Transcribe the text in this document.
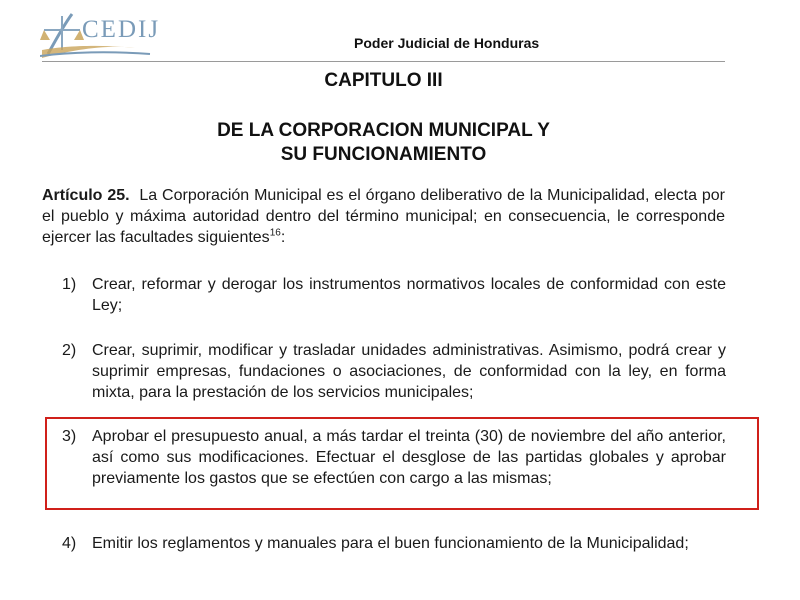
CEDIJ	Poder Judicial de Honduras
CAPITULO III
DE LA CORPORACION MUNICIPAL Y
SU FUNCIONAMIENTO
Artículo 25. La Corporación Municipal es el órgano deliberativo de la Municipalidad, electa por el pueblo y máxima autoridad dentro del término municipal; en consecuencia, le corresponde ejercer las facultades siguientes$^{16}$:
1) Crear, reformar y derogar los instrumentos normativos locales de conformidad con este Ley;
2) Crear, suprimir, modificar y trasladar unidades administrativas. Asimismo, podrá crear y suprimir empresas, fundaciones o asociaciones, de conformidad con la ley, en forma mixta, para la prestación de los servicios municipales;
3) Aprobar el presupuesto anual, a más tardar el treinta (30) de noviembre del año anterior, así como sus modificaciones. Efectuar el desglose de las partidas globales y aprobar previamente los gastos que se efectúen con cargo a las mismas;
4) Emitir los reglamentos y manuales para el buen funcionamiento de la Municipalidad;
